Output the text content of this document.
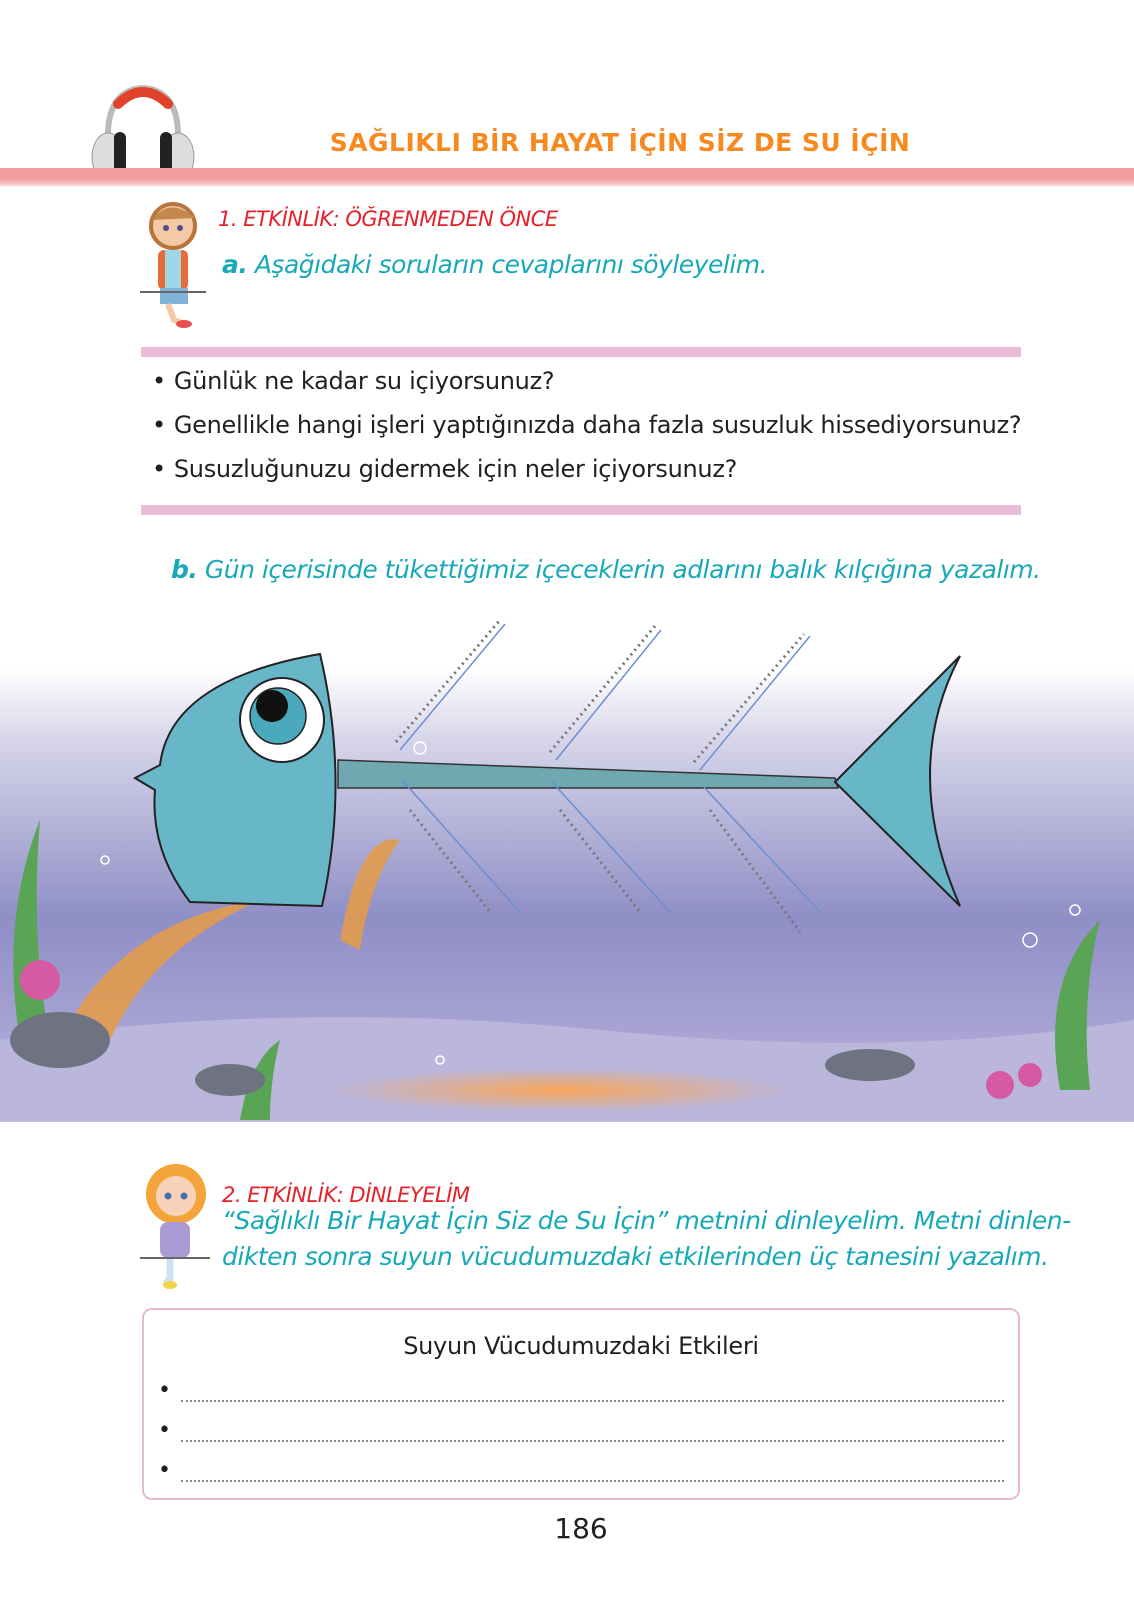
SAĞLIKLI BİR HAYAT İÇİN SİZ DE SU İÇİN
1. ETKİNLİK: ÖĞRENMEDEN ÖNCE
a. Aşağıdaki soruların cevaplarını söyleyelim.
• Günlük ne kadar su içiyorsunuz?
• Genellikle hangi işleri yaptığınızda daha fazla susuzluk hissediyorsunuz?
• Susuzluğunuzu gidermek için neler içiyorsunuz?
b. Gün içerisinde tükettiğimiz içeceklerin adlarını balık kılçığına yazalım.
2. ETKİNLİK: DİNLEYELİM
“Sağlıklı Bir Hayat İçin Siz de Su İçin” metnini dinleyelim. Metni dinlen-
dikten sonra suyun vücudumuzdaki etkilerinden üç tanesini yazalım.
Suyun Vücudumuzdaki Etkileri
•
•
•
186
